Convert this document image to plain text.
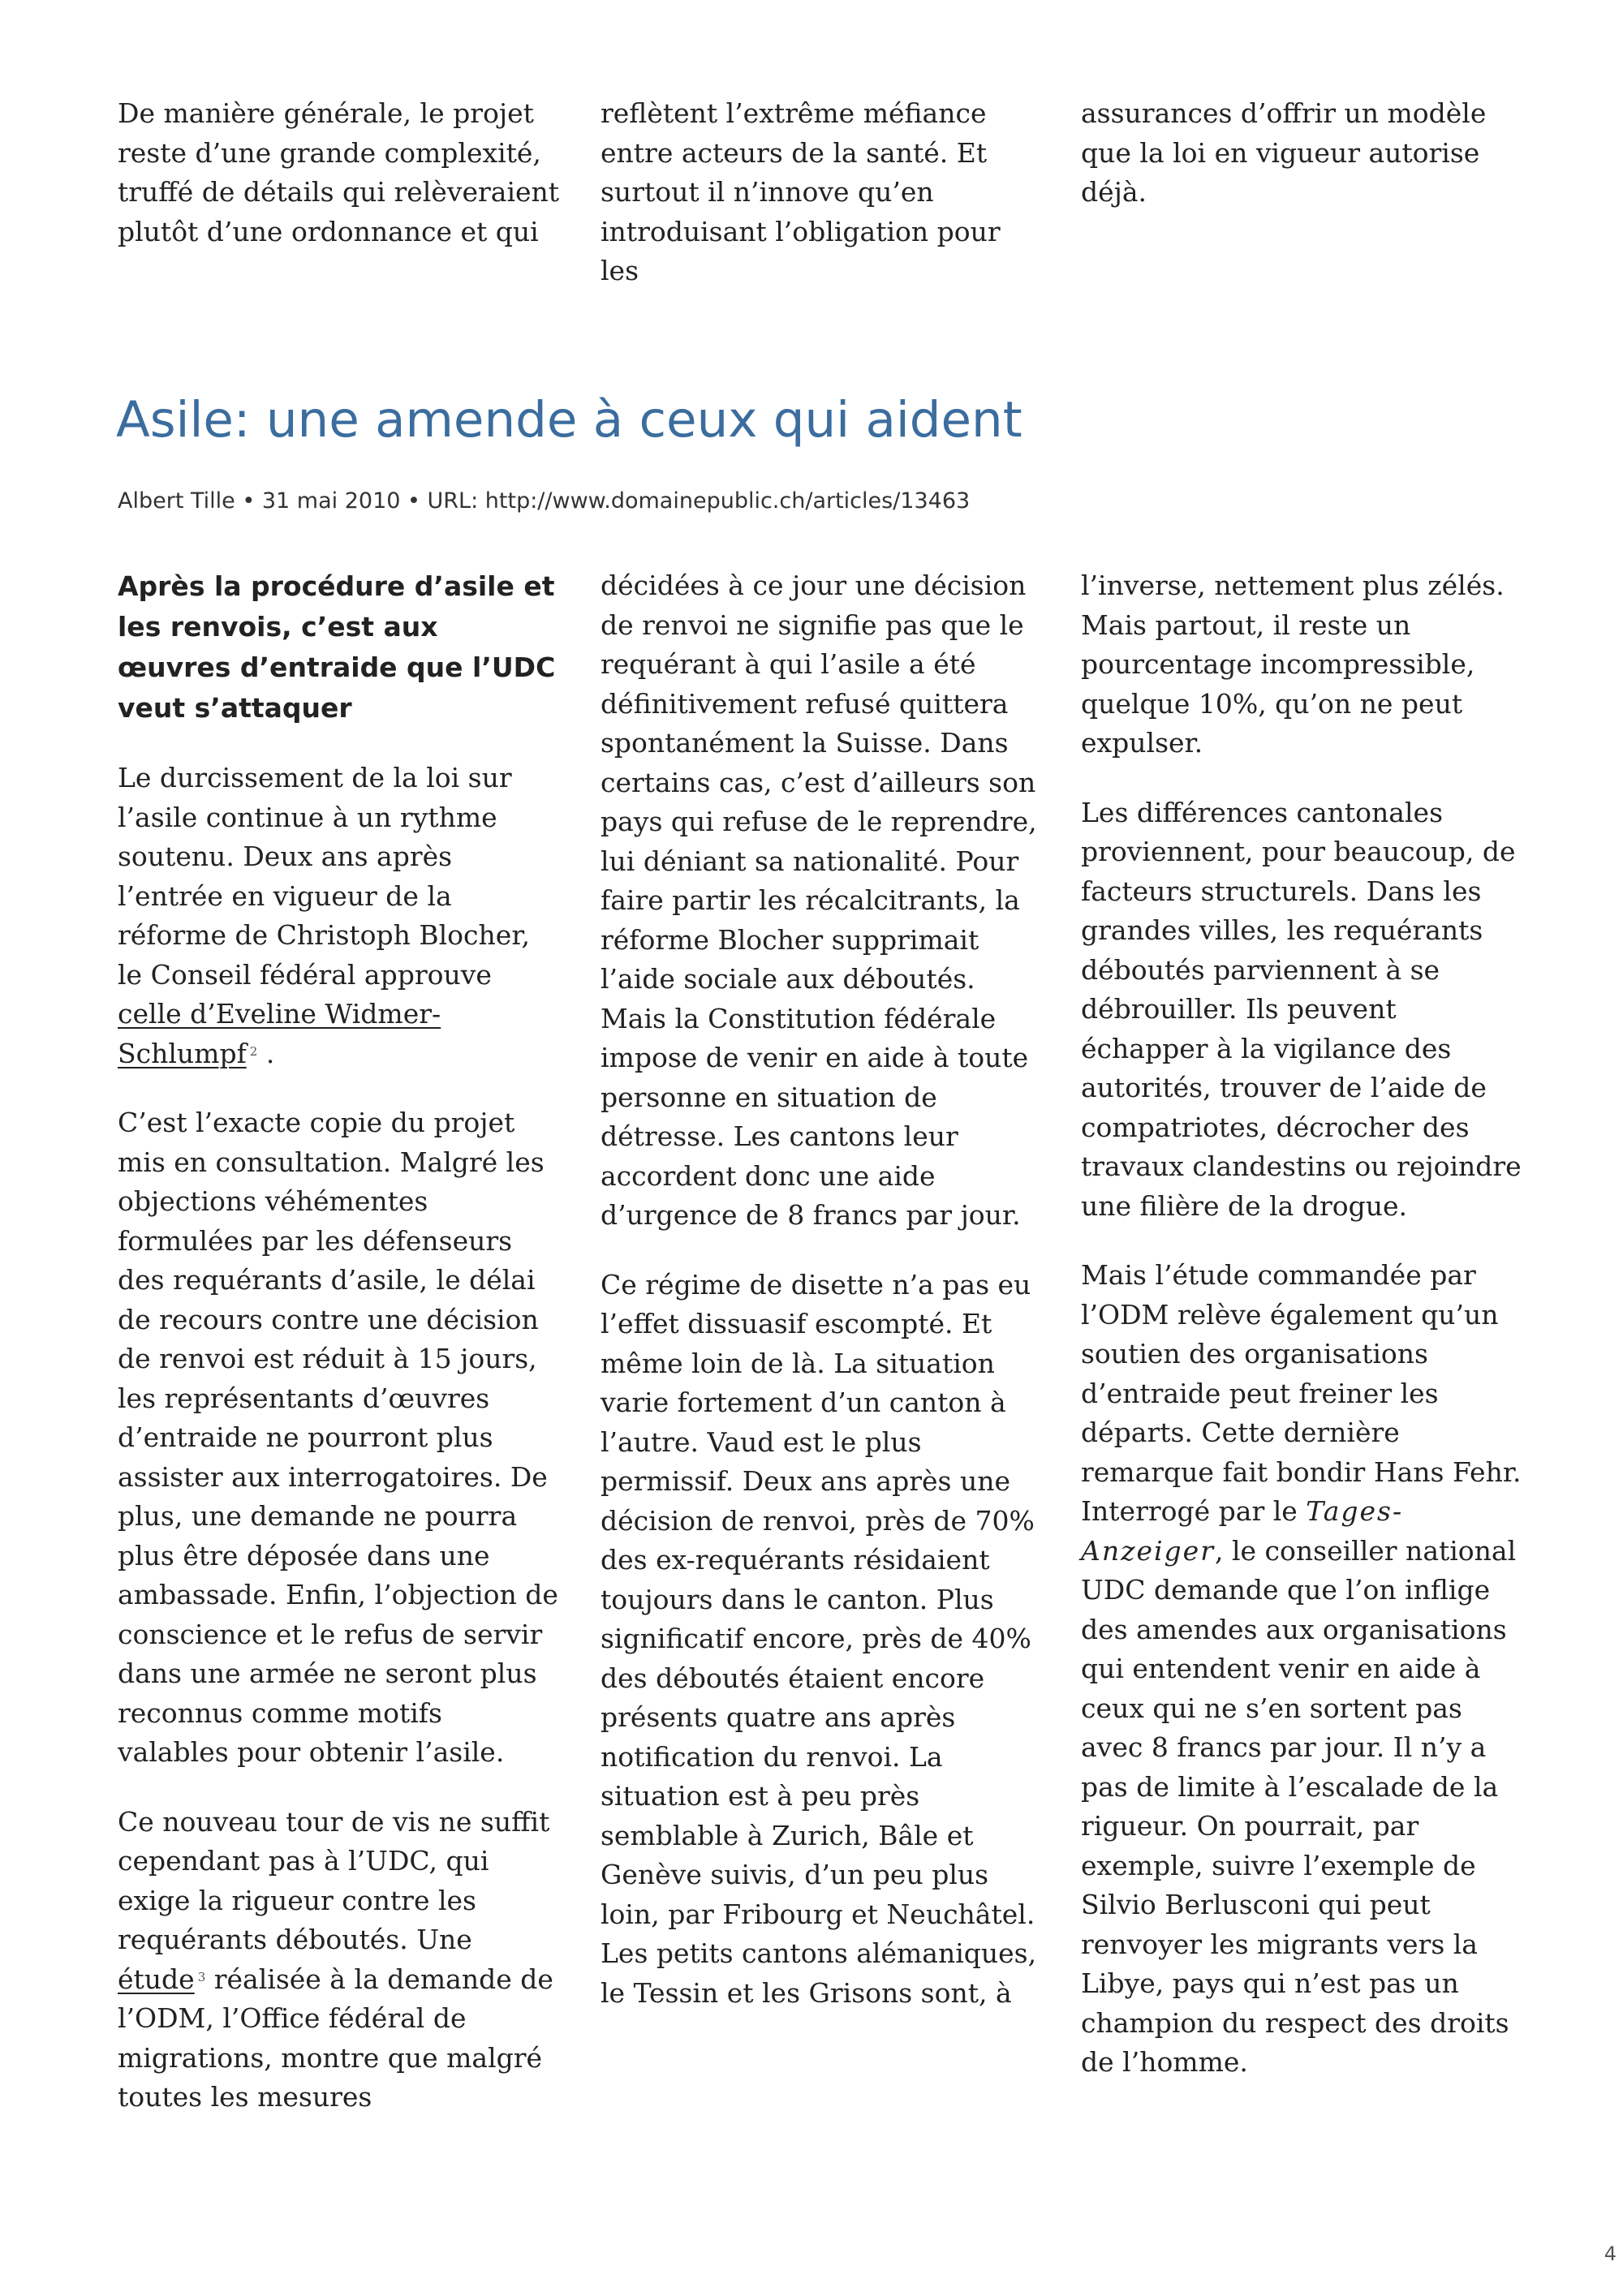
De manière générale, le projet reste d’une grande complexité, truffé de détails qui relèveraient plutôt d’une ordonnance et qui

reflètent l’extrême méfiance entre acteurs de la santé. Et surtout il n’innove qu’en introduisant l’obligation pour les

assurances d’offrir un modèle que la loi en vigueur autorise déjà.

Asile: une amende à ceux qui aident
Albert Tille • 31 mai 2010 • URL: http://www.domainepublic.ch/articles/13463

Après la procédure d’asile et les renvois, c’est aux œuvres d’entraide que l’UDC veut s’attaquer

Le durcissement de la loi sur l’asile continue à un rythme soutenu. Deux ans après l’entrée en vigueur de la réforme de Christoph Blocher, le Conseil fédéral approuve celle d’Eveline Widmer-Schlumpf $^2$ .

C’est l’exacte copie du projet mis en consultation. Malgré les objections véhémentes formulées par les défenseurs des requérants d’asile, le délai de recours contre une décision de renvoi est réduit à 15 jours, les représentants d’œuvres d’entraide ne pourront plus assister aux interrogatoires. De plus, une demande ne pourra plus être déposée dans une ambassade. Enfin, l’objection de conscience et le refus de servir dans une armée ne seront plus reconnus comme motifs valables pour obtenir l’asile.

Ce nouveau tour de vis ne suffit cependant pas à l’UDC, qui exige la rigueur contre les requérants déboutés. Une étude $^3$ réalisée à la demande de l’ODM, l’Office fédéral de migrations, montre que malgré toutes les mesures

décidées à ce jour une décision de renvoi ne signifie pas que le requérant à qui l’asile a été définitivement refusé quittera spontanément la Suisse. Dans certains cas, c’est d’ailleurs son pays qui refuse de le reprendre, lui déniant sa nationalité. Pour faire partir les récalcitrants, la réforme Blocher supprimait l’aide sociale aux déboutés. Mais la Constitution fédérale impose de venir en aide à toute personne en situation de détresse. Les cantons leur accordent donc une aide d’urgence de 8 francs par jour.

Ce régime de disette n’a pas eu l’effet dissuasif escompté. Et même loin de là. La situation varie fortement d’un canton à l’autre. Vaud est le plus permissif. Deux ans après une décision de renvoi, près de 70% des ex-requérants résidaient toujours dans le canton. Plus significatif encore, près de 40% des déboutés étaient encore présents quatre ans après notification du renvoi. La situation est à peu près semblable à Zurich, Bâle et Genève suivis, d’un peu plus loin, par Fribourg et Neuchâtel. Les petits cantons alémaniques, le Tessin et les Grisons sont, à

l’inverse, nettement plus zélés. Mais partout, il reste un pourcentage incompressible, quelque 10%, qu’on ne peut expulser.

Les différences cantonales proviennent, pour beaucoup, de facteurs structurels. Dans les grandes villes, les requérants déboutés parviennent à se débrouiller. Ils peuvent échapper à la vigilance des autorités, trouver de l’aide de compatriotes, décrocher des travaux clandestins ou rejoindre une filière de la drogue.

Mais l’étude commandée par l’ODM relève également qu’un soutien des organisations d’entraide peut freiner les départs. Cette dernière remarque fait bondir Hans Fehr. Interrogé par le Tages-Anzeiger, le conseiller national UDC demande que l’on inflige des amendes aux organisations qui entendent venir en aide à ceux qui ne s’en sortent pas avec 8 francs par jour. Il n’y a pas de limite à l’escalade de la rigueur. On pourrait, par exemple, suivre l’exemple de Silvio Berlusconi qui peut renvoyer les migrants vers la Libye, pays qui n’est pas un champion du respect des droits de l’homme.

4
